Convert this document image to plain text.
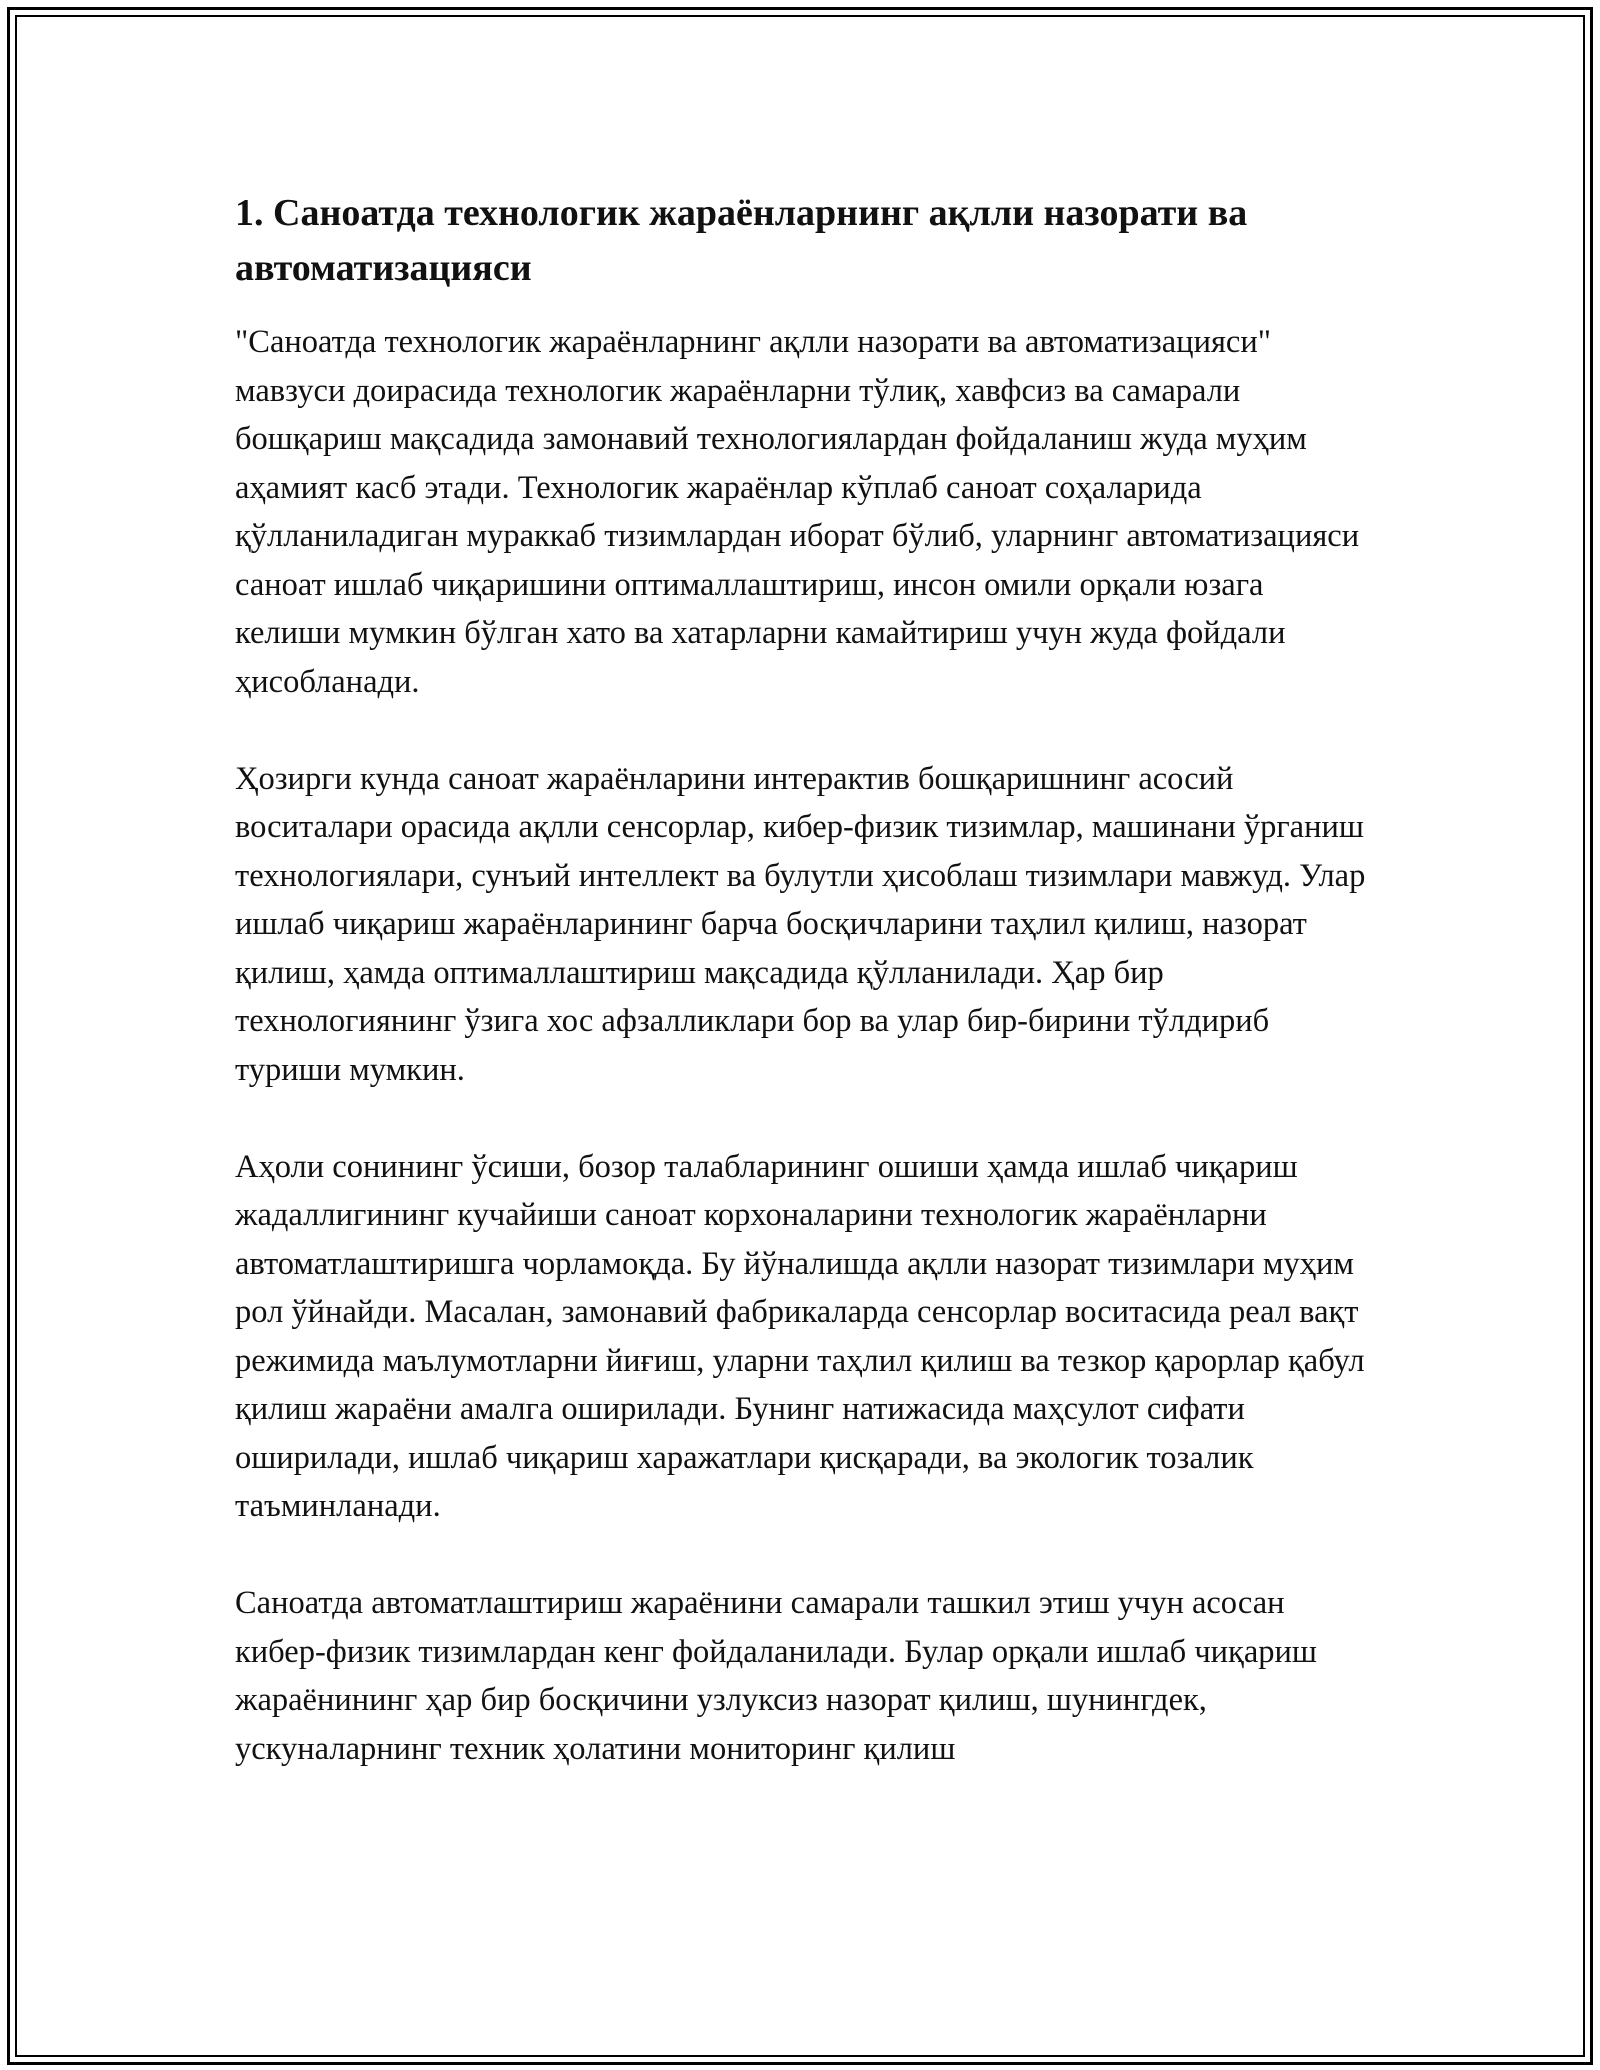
1. Саноатда технологик жараёнларнинг ақлли назорати ва автоматизацияси

"Саноатда технологик жараёнларнинг ақлли назорати ва автоматизацияси" мавзуси доирасида технологик жараёнларни тўлиқ, хавфсиз ва самарали бошқариш мақсадида замонавий технологиялардан фойдаланиш жуда муҳим аҳамият касб этади. Технологик жараёнлар кўплаб саноат соҳаларида қўлланиладиган мураккаб тизимлардан иборат бўлиб, уларнинг автоматизацияси саноат ишлаб чиқаришини оптималлаштириш, инсон омили орқали юзага келиши мумкин бўлган хато ва хатарларни камайтириш учун жуда фойдали ҳисобланади.

Ҳозирги кунда саноат жараёнларини интерактив бошқаришнинг асосий воситалари орасида ақлли сенсорлар, кибер-физик тизимлар, машинани ўрганиш технологиялари, сунъий интеллект ва булутли ҳисоблаш тизимлари мавжуд. Улар ишлаб чиқариш жараёнларининг барча босқичларини таҳлил қилиш, назорат қилиш, ҳамда оптималлаштириш мақсадида қўлланилади. Ҳар бир технологиянинг ўзига хос афзалликлари бор ва улар бир-бирини тўлдириб туриши мумкин.

Аҳоли сонининг ўсиши, бозор талабларининг ошиши ҳамда ишлаб чиқариш жадаллигининг кучайиши саноат корхоналарини технологик жараёнларни автоматлаштиришга чорламоқда. Бу йўналишда ақлли назорат тизимлари муҳим рол ўйнайди. Масалан, замонавий фабрикаларда сенсорлар воситасида реал вақт режимида маълумотларни йиғиш, уларни таҳлил қилиш ва тезкор қарорлар қабул қилиш жараёни амалга оширилади. Бунинг натижасида маҳсулот сифати оширилади, ишлаб чиқариш харажатлари қисқаради, ва экологик тозалик таъминланади.

Саноатда автоматлаштириш жараёнини самарали ташкил этиш учун асосан кибер-физик тизимлардан кенг фойдаланилади. Булар орқали ишлаб чиқариш жараёнининг ҳар бир босқичини узлуксиз назорат қилиш, шунингдек, ускуналарнинг техник ҳолатини мониторинг қилиш
